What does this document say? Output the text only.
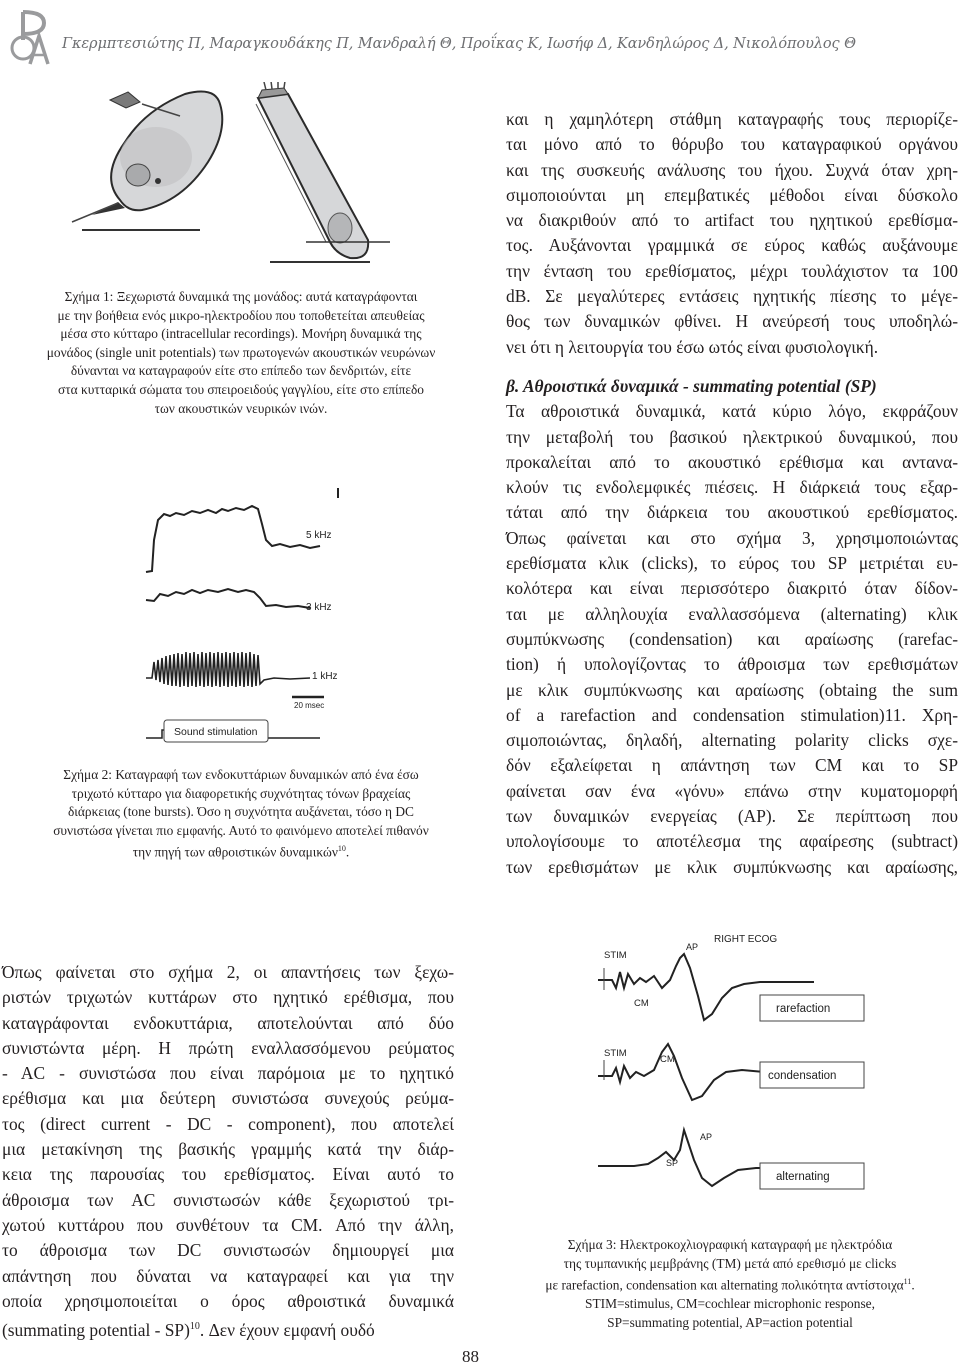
Γκερμπτεσιώτης Π, Μαραγκουδάκης Π, Μανδραλή Θ, Προΐκας Κ, Ιωσήφ Δ, Κανδηλώρος Δ, Νικολόπουλος Θ
Σχήμα 1: Ξεχωριστά δυναμικά της μονάδος: αυτά καταγράφονται
με την βοήθεια ενός μικρο-ηλεκτροδίου που τοποθετείται απευθείας
μέσα στο κύτταρο (intracellular recordings). Μονήρη δυναμικά της
μονάδος (single unit potentials) των πρωτογενών ακουστικών νευρώνων
δύνανται να καταγραφούν είτε στο επίπεδο των δενδριτών, είτε
στα κυτταρικά σώματα του σπειροειδούς γαγγλίου, είτε στο επίπεδο
των ακουστικών νευρικών ινών.
5 kHz
3 kHz
1 kHz
20 msec
Sound stimulation
Σχήμα 2: Καταγραφή των ενδοκυττάριων δυναμικών από ένα έσω
τριχωτό κύτταρο για διαφορετικής συχνότητας τόνων βραχείας
διάρκειας (tone bursts). Όσο η συχνότητα αυξάνεται, τόσο η DC
συνιστώσα γίνεται πιο εμφανής. Αυτό το φαινόμενο αποτελεί πιθανόν
την πηγή των αθροιστικών δυναμικών$^{10}$.
και η χαμηλότερη στάθμη καταγραφής τους περιορίζε-
ται μόνο από το θόρυβο του καταγραφικού οργάνου
και της συσκευής ανάλυσης του ήχου. Συχνά όταν χρη-
σιμοποιούνται μη επεμβατικές μέθοδοι είναι δύσκολο
να διακριθούν από το artifact του ηχητικού ερεθίσμα-
τος. Αυξάνονται γραμμικά σε εύρος καθώς αυξάνουμε
την ένταση του ερεθίσματος, μέχρι τουλάχιστον τα 100
dB. Σε μεγαλύτερες εντάσεις ηχητικής πίεσης το μέγε-
θος των δυναμικών φθίνει. Η ανεύρεσή τους υποδηλώ-
νει ότι η λειτουργία του έσω ωτός είναι φυσιολογική.
β. Αθροιστικά δυναμικά - summating potential (SP)
Τα αθροιστικά δυναμικά, κατά κύριο λόγο, εκφράζουν
την μεταβολή του βασικού ηλεκτρικού δυναμικού, που
προκαλείται από το ακουστικό ερέθισμα και αντανα-
κλούν τις ενδολεμφικές πιέσεις. Η διάρκειά τους εξαρ-
τάται από την διάρκεια του ακουστικού ερεθίσματος.
Όπως φαίνεται και στο σχήμα 3, χρησιμοποιώντας
ερεθίσματα κλικ (clicks), το εύρος του SP μετριέται ευ-
κολότερα και είναι περισσότερο διακριτό όταν δίδον-
ται με αλληλουχία εναλλασσόμενα (alternating) κλικ
συμπύκνωσης (condensation) και αραίωσης (rarefac-
tion) ή υπολογίζοντας το άθροισμα των ερεθισμάτων
με κλικ συμπύκνωσης και αραίωσης (obtaing the sum
of a rarefaction and condensation stimulation)11. Χρη-
σιμοποιώντας, δηλαδή, alternating polarity clicks σχε-
δόν εξαλείφεται η απάντηση των CM και το SP
φαίνεται σαν ένα «γόνυ» επάνω στην κυματομορφή
των δυναμικών ενεργείας (AP). Σε περίπτωση που
υπολογίσουμε το αποτέλεσμα της αφαίρεσης (subtract)
των ερεθισμάτων με κλικ συμπύκνωσης και αραίωσης,
Όπως φαίνεται στο σχήμα 2, οι απαντήσεις των ξεχω-
ριστών τριχωτών κυττάρων στο ηχητικό ερέθισμα, που
καταγράφονται ενδοκυττάρια, αποτελούνται από δύο
συνιστώντα μέρη. Η πρώτη εναλλασσόμενου ρεύματος
- AC - συνιστώσα που είναι παρόμοια με το ηχητικό
ερέθισμα και μια δεύτερη συνιστώσα συνεχούς ρεύμα-
τος (direct current - DC - component), που αποτελεί
μια μετακίνηση της βασικής γραμμής κατά την διάρ-
κεια της παρουσίας του ερεθίσματος. Είναι αυτό το
άθροισμα των AC συνιστωσών κάθε ξεχωριστού τρι-
χωτού κυττάρου που συνθέτουν τα CM. Από την άλλη,
το άθροισμα των DC συνιστωσών δημιουργεί μια
απάντηση που δύναται να καταγραφεί και για την
οποία χρησιμοποιείται ο όρος αθροιστικά δυναμικά
(summating potential - SP)$^{10}$. Δεν έχουν εμφανή ουδό
RIGHT ECOG
AP
STIM
STIM
CM
CM
AP
SP
rarefaction
condensation
alternating
Σχήμα 3: Ηλεκτροκοχλιογραφική καταγραφή με ηλεκτρόδια
της τυμπανικής μεμβράνης (ΤΜ) μετά από ερεθισμό με clicks
με rarefaction, condensation και alternating πολικότητα αντίστοιχα$^{11}$.
STIM=stimulus, CM=cochlear microphonic response,
SP=summating potential, AP=action potential
88
